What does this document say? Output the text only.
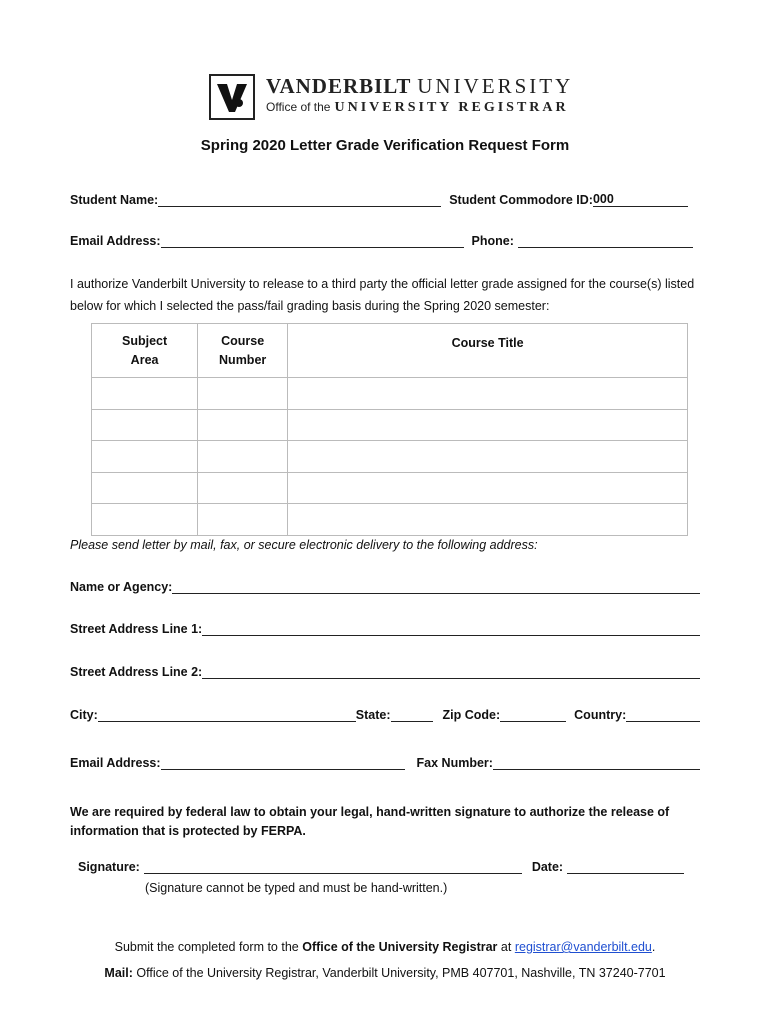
VANDERBILT UNIVERSITY
Office of the UNIVERSITY REGISTRAR
Spring 2020 Letter Grade Verification Request Form
Student Name:	Student Commodore ID: 000
Email Address:	Phone:
I authorize Vanderbilt University to release to a third party the official letter grade assigned for the course(s) listed below for which I selected the pass/fail grading basis during the Spring 2020 semester:
Subject Area	Course Number	Course Title

Please send letter by mail, fax, or secure electronic delivery to the following address:
Name or Agency:
Street Address Line 1:
Street Address Line 2:
City:	State:	Zip Code:	Country:
Email Address:	Fax Number:
We are required by federal law to obtain your legal, hand-written signature to authorize the release of information that is protected by FERPA.
Signature:	Date:
(Signature cannot be typed and must be hand-written.)
Submit the completed form to the Office of the University Registrar at registrar@vanderbilt.edu.
Mail: Office of the University Registrar, Vanderbilt University, PMB 407701, Nashville, TN 37240-7701
